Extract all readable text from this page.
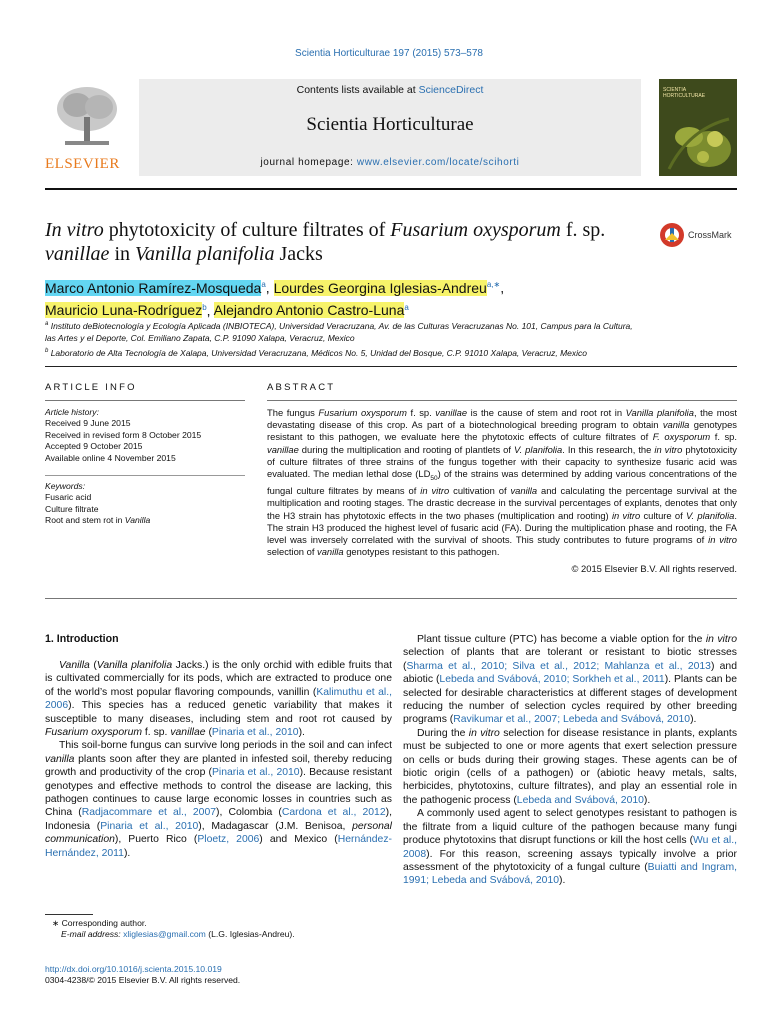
Scientia Horticulturae 197 (2015) 573–578
ELSEVIER
Contents lists available at ScienceDirect
Scientia Horticulturae
journal homepage: www.elsevier.com/locate/scihorti
SCIENTIA
HORTICULTURAE
In vitro phytotoxicity of culture filtrates of Fusarium oxysporum f. sp.
vanillae in Vanilla planifolia Jacks
CrossMark
Marco Antonio Ramírez-Mosqueda$^a$, Lourdes Georgina Iglesias-Andreu$^{a,∗}$,
Mauricio Luna-Rodríguez$^b$, Alejandro Antonio Castro-Luna$^a$
$^a$ Instituto deBiotecnología y Ecología Aplicada (INBIOTECA), Universidad Veracruzana, Av. de las Culturas Veracruzanas No. 101, Campus para la Cultura,
las Artes y el Deporte, Col. Emiliano Zapata, C.P. 91090 Xalapa, Veracruz, Mexico
$^b$ Laboratorio de Alta Tecnología de Xalapa, Universidad Veracruzana, Médicos No. 5, Unidad del Bosque, C.P. 91010 Xalapa, Veracruz, Mexico
ARTICLE INFO
Article history:
Received 9 June 2015
Received in revised form 8 October 2015
Accepted 9 October 2015
Available online 4 November 2015
Keywords:
Fusaric acid
Culture filtrate
Root and stem rot in Vanilla
ABSTRACT
The fungus Fusarium oxysporum f. sp. vanillae is the cause of stem and root rot in Vanilla planifolia, the most devastating disease of this crop. As part of a biotechnological breeding program to obtain vanilla genotypes resistant to this pathogen, we evaluate here the phytotoxic effects of culture filtrates of F. oxysporum f. sp. vanillae during the multiplication and rooting of plantlets of V. planifolia. In this research, the in vitro phytotoxicity of culture filtrates of three strains of the fungus together with their capacity to synthesize fusaric acid was evaluated. The median lethal dose $(LD_{50})$ of the strains was determined by adding various concentrations of the fungal culture filtrates by means of in vitro cultivation of vanilla and calculating the percentage survival at the multiplication and rooting stages. The drastic decrease in the survival percentages of explants, denotes that only the H3 strain has phytotoxic effects in the two phases (multiplication and rooting) in vitro culture of V. planifolia. The strain H3 produced the highest level of fusaric acid (FA). During the multiplication phase and rooting, the FA level was inversely correlated with the survival of shoots. This study contributes to future programs of in vitro selection of vanilla genotypes resistant to this pathogen.
© 2015 Elsevier B.V. All rights reserved.
1. Introduction

Vanilla (Vanilla planifolia Jacks.) is the only orchid with edible fruits that is cultivated commercially for its pods, which are extracted to produce one of the world’s most popular flavoring compounds, vanillin (Kalimuthu et al., 2006). This species has a reduced genetic variability that makes it susceptible to many diseases, including stem and root rot caused by Fusarium oxysporum f. sp. vanillae (Pinaria et al., 2010).

This soil-borne fungus can survive long periods in the soil and can infect vanilla plants soon after they are planted in infested soil, thereby reducing growth and productivity of the crop (Pinaria et al., 2010). Because resistant genotypes and effective methods to control the disease are lacking, this pathogen continues to cause large economic losses in countries such as China (Radjacommare et al., 2007), Colombia (Cardona et al., 2012), Indonesia (Pinaria et al., 2010), Madagascar (J.M. Benisoa, personal communication), Puerto Rico (Ploetz, 2006) and Mexico (Hernández-Hernández, 2011).

Plant tissue culture (PTC) has become a viable option for the in vitro selection of plants that are tolerant or resistant to biotic stresses (Sharma et al., 2010; Silva et al., 2012; Mahlanza et al., 2013) and abiotic (Lebeda and Svábová, 2010; Sorkheh et al., 2011). Plants can be selected for desirable characteristics at different stages of development reducing the number of selection cycles required by other breeding programs (Ravikumar et al., 2007; Lebeda and Svábová, 2010).

During the in vitro selection for disease resistance in plants, explants must be subjected to one or more agents that exert selection pressure on cells or buds during their growing stages. These agents can be of biotic origin (cells of a pathogen) or (abiotic heavy metals, salts, herbicides, phytotoxins, culture filtrates), and play an essential role in the pathogenic process (Lebeda and Svábová, 2010).

A commonly used agent to select genotypes resistant to pathogen is the filtrate from a liquid culture of the pathogen because many fungi produce phytotoxins that disrupt functions or kill the host cells (Wu et al., 2008). For this reason, screening assays typically involve a prior assessment of the phytotoxicity of a fungal culture (Buiatti and Ingram, 1991; Lebeda and Svábová, 2010).

∗ Corresponding author.
E-mail address: xliglesias@gmail.com (L.G. Iglesias-Andreu).
http://dx.doi.org/10.1016/j.scienta.2015.10.019
0304-4238/© 2015 Elsevier B.V. All rights reserved.
